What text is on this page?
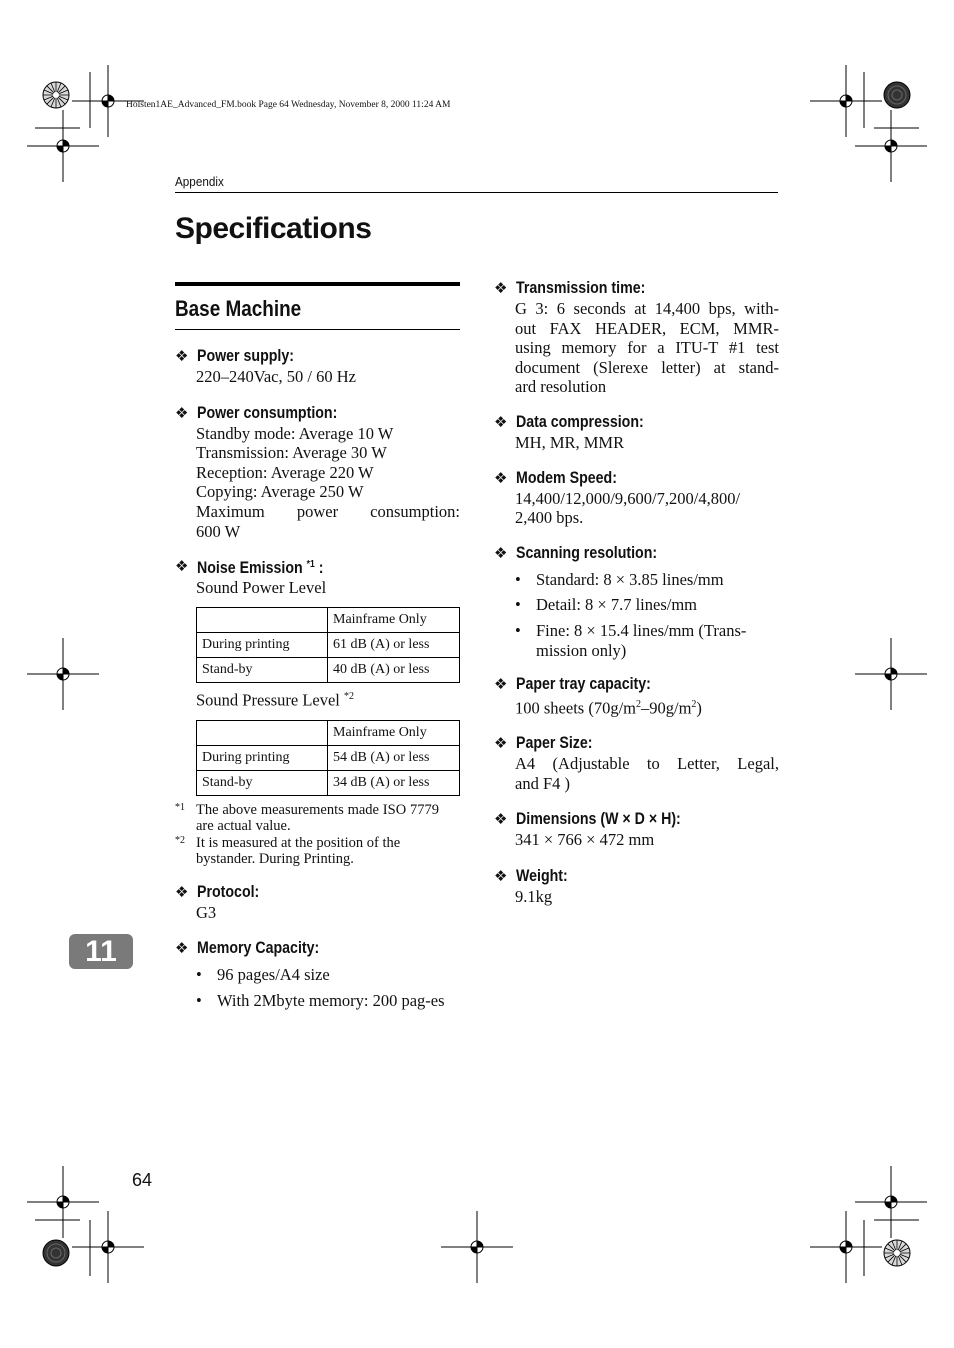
Holsten1AE_Advanced_FM.book Page 64 Wednesday, November 8, 2000 11:24 AM
Appendix
Specifications
Base Machine
❖ Power supply:
220–240Vac, 50 / 60 Hz
❖ Power consumption:
Standby mode: Average 10 W
Transmission: Average 30 W
Reception: Average 220 W
Copying: Average 250 W
Maximum power consumption:
600 W
❖ Noise Emission $^{*1}$ :
Sound Power Level
	Mainframe Only
During printing	61 dB (A) or less
Stand-by	40 dB (A) or less
Sound Pressure Level $^{*2}$
	Mainframe Only
During printing	54 dB (A) or less
Stand-by	34 dB (A) or less
*1 The above measurements made ISO 7779 are actual value.
*2 It is measured at the position of the bystander. During Printing.
❖ Protocol:
G3
❖ Memory Capacity:
• 96 pages/A4 size
• With 2Mbyte memory: 200 pag-es
❖ Transmission time:
G 3: 6 seconds at 14,400 bps, with-
out FAX HEADER, ECM, MMR-
using memory for a ITU-T #1 test
document (Slerexe letter) at stand-
ard resolution
❖ Data compression:
MH, MR, MMR
❖ Modem Speed:
14,400/12,000/9,600/7,200/4,800/
2,400 bps.
❖ Scanning resolution:
• Standard: 8 × 3.85 lines/mm
• Detail: 8 × 7.7 lines/mm
• Fine: 8 × 15.4 lines/mm (Trans-mission only)
❖ Paper tray capacity:
100 sheets $(70g/m^2-90g/m^2)$
❖ Paper Size:
A4 (Adjustable to Letter, Legal,
and F4 )
❖ Dimensions (W × D × H):
341 × 766 × 472 mm
❖ Weight:
9.1kg
11
64
